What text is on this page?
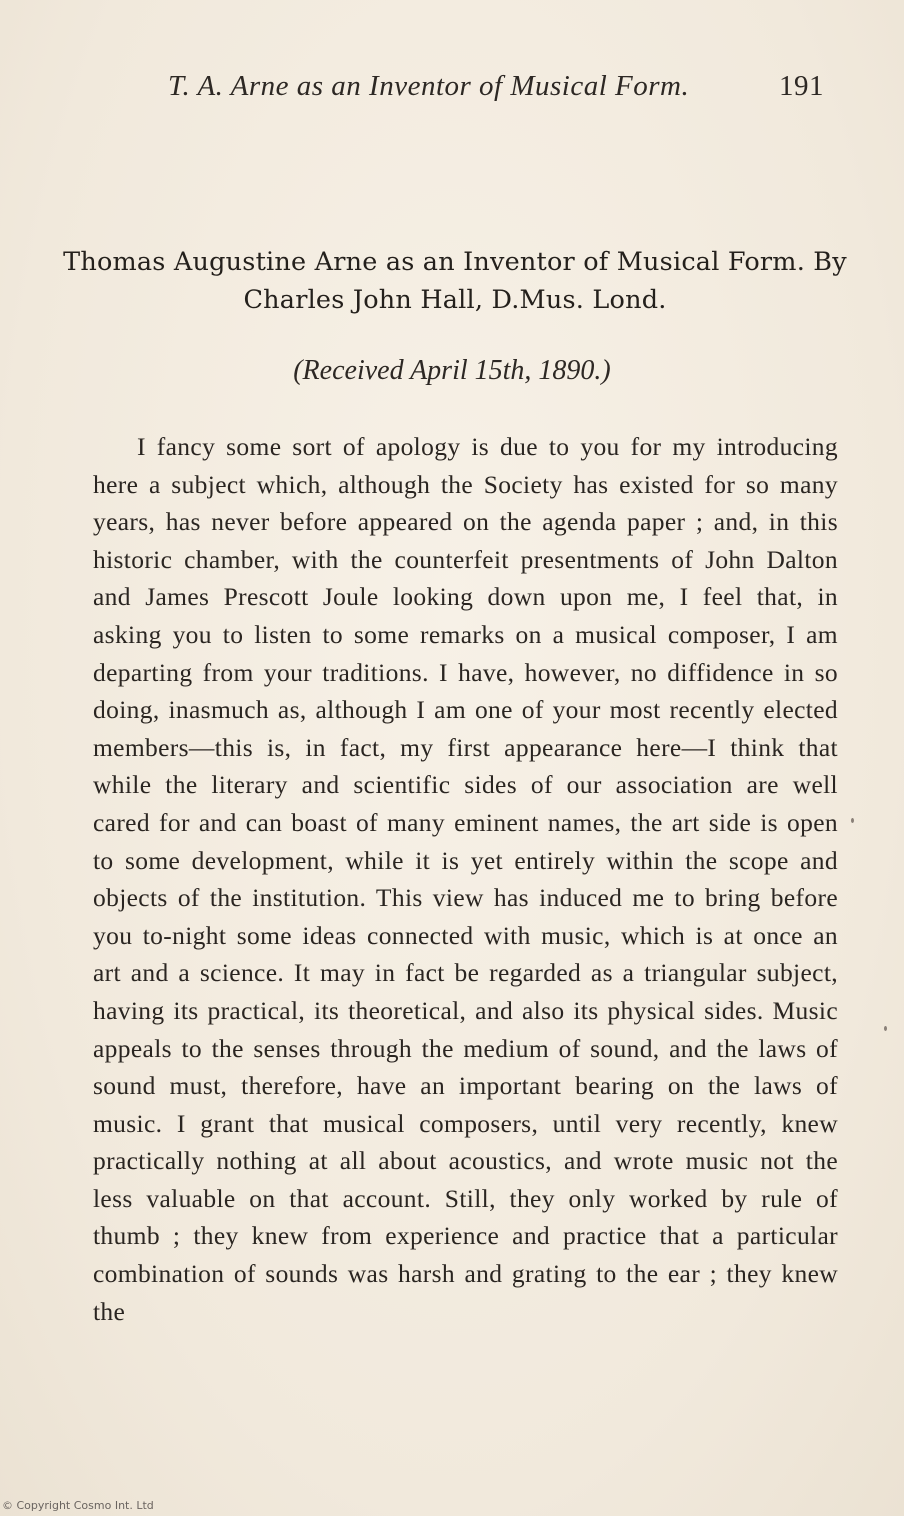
T. A. Arne as an Inventor of Musical Form.	191
Thomas Augustine Arne as an Inventor of Musical Form. By Charles John Hall, D.Mus. Lond.
(Received April 15th, 1890.)

I fancy some sort of apology is due to you for my introducing here a subject which, although the Society has existed for so many years, has never before appeared on the agenda paper ; and, in this historic chamber, with the counterfeit presentments of John Dalton and James Prescott Joule looking down upon me, I feel that, in asking you to listen to some remarks on a musical composer, I am departing from your traditions. I have, however, no diffidence in so doing, inasmuch as, although I am one of your most recently elected members—this is, in fact, my first appearance here—I think that while the literary and scientific sides of our association are well cared for and can boast of many eminent names, the art side is open to some development, while it is yet entirely within the scope and objects of the institution. This view has induced me to bring before you to-night some ideas connected with music, which is at once an art and a science. It may in fact be regarded as a triangular subject, having its practical, its theoretical, and also its physical sides. Music appeals to the senses through the medium of sound, and the laws of sound must, therefore, have an important bearing on the laws of music. I grant that musical composers, until very recently, knew practically nothing at all about acoustics, and wrote music not the less valuable on that account. Still, they only worked by rule of thumb ; they knew from experience and practice that a particular combination of sounds was harsh and grating to the ear ; they knew the

© Copyright Cosmo Int. Ltd
